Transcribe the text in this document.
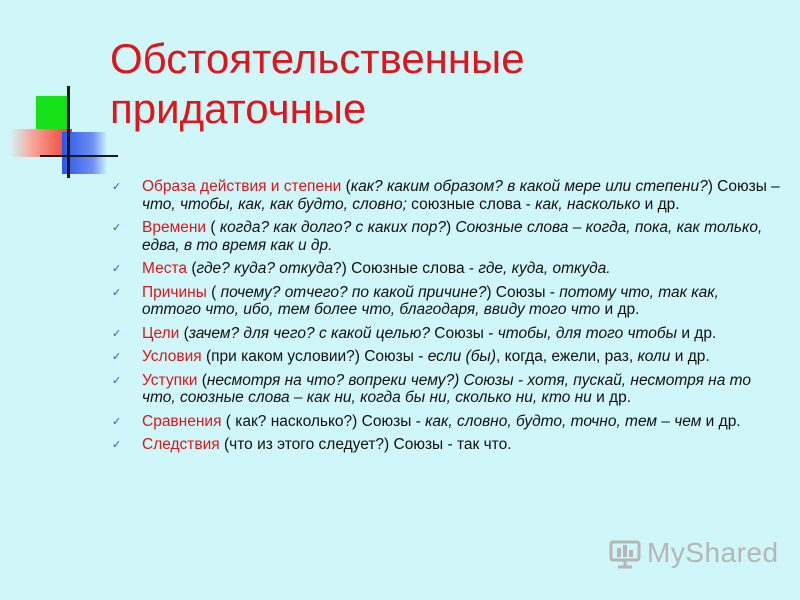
Обстоятельственные
придаточные
✓ Образа действия и степени (как? каким образом? в какой мере или степени?) Союзы – что, чтобы, как, как будто, словно; союзные слова - как, насколько и др.
✓ Времени ( когда? как долго? с каких пор?) Союзные слова – когда, пока, как только, едва, в то время как и др.
✓ Места (где? куда? откуда?) Союзные слова - где, куда, откуда.
✓ Причины ( почему? отчего? по какой причине?) Союзы - потому что, так как, оттого что, ибо, тем более что, благодаря, ввиду того что и др.
✓ Цели (зачем? для чего? с какой целью? Союзы - чтобы, для того чтобы и др.
✓ Условия (при каком условии?) Союзы - если (бы), когда, ежели, раз, коли и др.
✓ Уступки (несмотря на что? вопреки чему?) Союзы - хотя, пускай, несмотря на то что, союзные слова – как ни, когда бы ни, сколько ни, кто ни и др.
✓ Сравнения ( как? насколько?) Союзы - как, словно, будто, точно, тем – чем и др.
✓ Следствия (что из этого следует?) Союзы - так что.
MyShared
